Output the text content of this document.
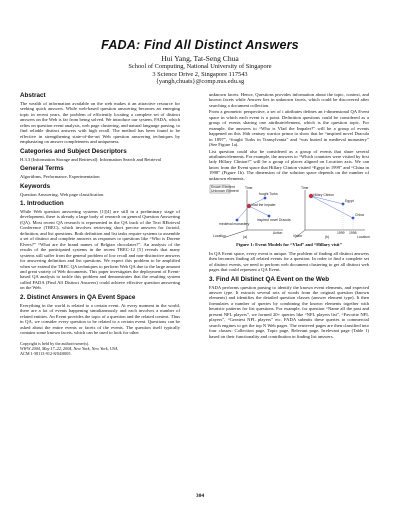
FADA: Find All Distinct Answers
Hui Yang, Tat-Seng Chua
School of Computing, National University of Singapore
3 Science Drive 2, Singapore 117543
{yangh,chuats}@comp.nus.edu.sg
Abstract

The wealth of information available on the web makes it an attractive resource for seeking quick answers. While web-based question answering becomes an emerging topic in recent years, the problem of efficiently locating a complete set of distinct answers on the Web is far from being solved. We introduce our system, FADA, which relies on question event analysis, web page clustering, and natural language parsing, to find reliable distinct answers with high recall. The method has been found to be effective in strengthening state-of-the-art Web question answering techniques by emphasizing on answer completeness and uniqueness.

Categories and Subject Descriptors

H.3.3 [Information Storage and Retrieval]: Information Search and Retrieval

General Terms

Algorithms, Performance, Experimentation

Keywords

Question Answering, Web page classification

1. Introduction

While Web question answering systems [1][4] are still in a preliminary stage of development, there is already a large body of research on general Question Answering (QA). Most recent QA research is represented in the QA track of the Text REtrieval Conference (TREC), which involves retrieving short precise answers for factoid, definition, and list questions. Both definition and list tasks require systems to assemble a set of distinct and complete answers as responses to questions like “Who is Dorene Elvers?” “What are the brand names of Belgian chocolates?”. An analysis of the results of the participated systems in the recent TREC-12 [5] reveals that many systems still suffer from the general problem of low recall and non-distinctive answers for answering definition and list questions. We expect this problem to be amplified when we extend the TREC QA techniques to perform Web QA due to the large amount and great variety of Web documents. This paper investigates the deployment of Event-based QA analysis to tackle this problem and demonstrates that the resulting system called FADA (Find All Distinct Answers) could achieve effective question answering on the Web.

2. Distinct Answers in QA Event Space

Everything in the world is related to a certain event. At every moment in the world, there are a lot of events happening simultaneously and each involves a number of related entities. An Event provides the topic of a question and the related context. Thus in QA, we consider every question to be related to a certain event. Questions can be asked about the entire events or facets of the events. The question itself typically contains some known facets, which can be used to look for other

Copyright is held by the author/owner(s).
WWW 2004, May 17–22, 2004, New York, New York, USA.
ACM 1-58113-912-8/04/0005.

unknown facets. Hence, Questions provides information about the topic, context, and known facets while Answer lies in unknown facets, which could be discovered after searching a document collection.

From a geometric perspective, a set of i attributes defines an i-dimensional QA Event space in which each event is a point. Definition questions could be considered as a group of events sharing one attribute/element, which is the question topic. For example, the answers to “Who is Vlad the Impaler?” will be a group of events happened on this 16th century warrior prince to show that he “inspired novel Dracula in 1897”, “fought Turks in Transylvania” and “was buried in medieval monastery” (See Figure 1a).

List question could also be considered as a group of events that share several attributes/elements. For example, the answers to “Which countries were visited by first lady Hillary Clinton?” will be a group of places aligned on Location axis. We can know from the Event space that Hillary Clinton visited “Egypt in 1999” and “China in 1998” (Figure 1b). The dimension of the solution space depends on the number of unknown elements.

Known Element
Unknown Element
Vlad the Impaler
fought Turks
inspired novel Dracula
medieval monastery
Time
Action
Location	(a)
Hillary Clinton
Egypt
China
1999 1998
Time
Location
Visitor	(b)
Figure 1: Event Models for “Vlad” and “Hillary visit”

In QA Event space, every event is unique. The problem of finding all distinct answers then becomes finding all related events for a question. In order to find a complete set of distinct events, we need to perform web document clustering to get all distinct web pages that could represent a QA Event.

3. Find All Distinct QA Event on the Web

FADA performs question parsing to identify the known event elements, and expected answer type. It extracts several sets of words from the original question (known elements) and identifies the detailed question classes (answer element type). It then formulates a number of queries by combining the known elements together with heuristic patterns for list questions. For example, for question “Name all the past and present NFL players”, we formed 20+ queries like “NFL players list”, “Favorite NFL players”, “Greatest NFL players” etc. FADA submits these queries to commercial search engines to get the top N Web pages. The retrieved pages are then classified into four classes: Collection page, Topic page, Relevant page, Irrelevant page (Table 1) based on their functionality and contribution in finding list answers.

304
